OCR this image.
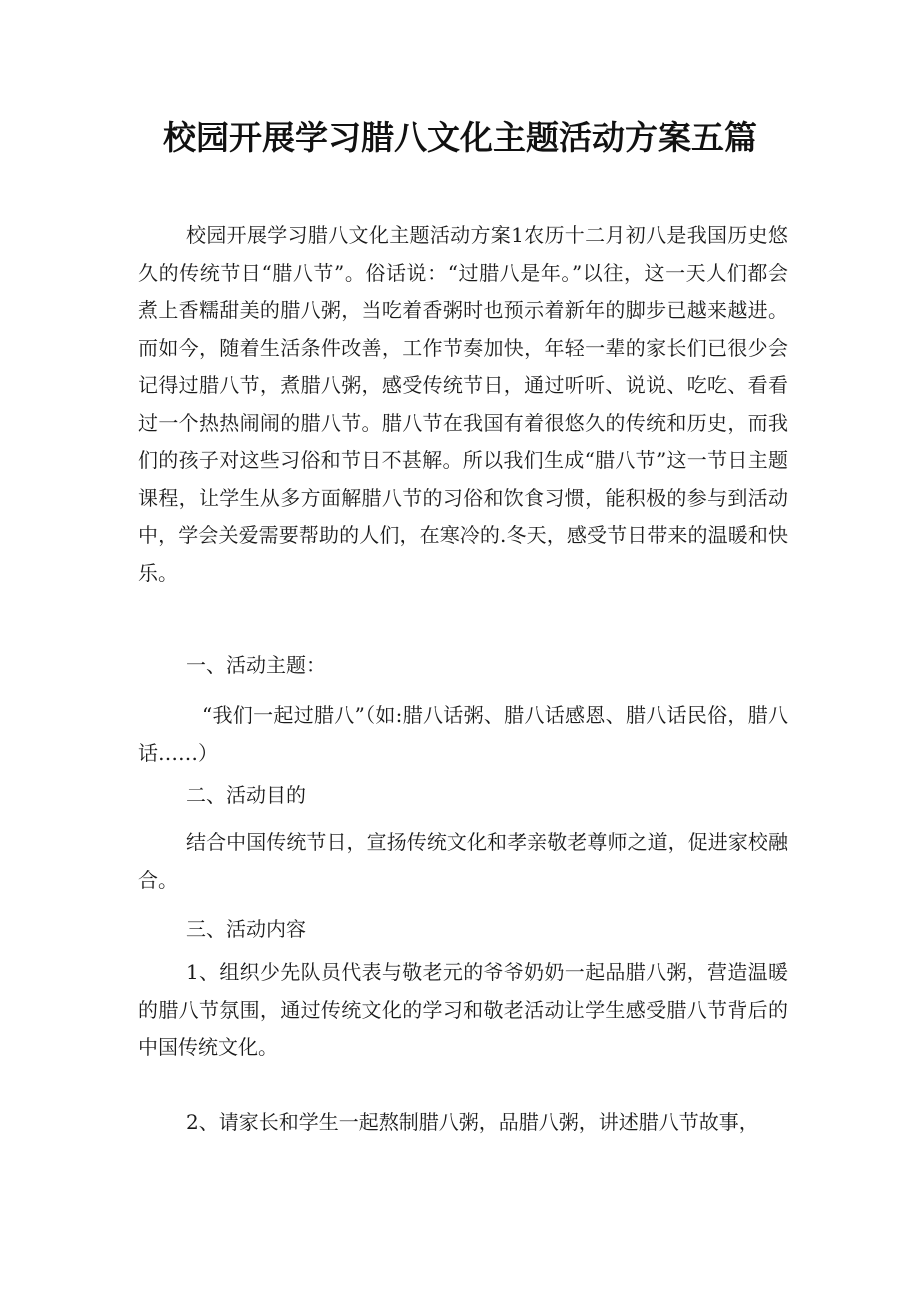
校园开展学习腊八文化主题活动方案五篇

校园开展学习腊八文化主题活动方案1农历十二月初八是我国历史悠久的传统节日“腊八节”。俗话说：“过腊八是年。”以往，这一天人们都会煮上香糯甜美的腊八粥，当吃着香粥时也预示着新年的脚步已越来越进。而如今，随着生活条件改善，工作节奏加快，年轻一辈的家长们已很少会记得过腊八节，煮腊八粥，感受传统节日，通过听听、说说、吃吃、看看过一个热热闹闹的腊八节。腊八节在我国有着很悠久的传统和历史，而我们的孩子对这些习俗和节日不甚解。所以我们生成“腊八节”这一节日主题课程，让学生从多方面解腊八节的习俗和饮食习惯，能积极的参与到活动中，学会关爱需要帮助的人们，在寒冷的.冬天，感受节日带来的温暖和快乐。

一、活动主题：

“我们一起过腊八”（如:腊八话粥、腊八话感恩、腊八话民俗，腊八话……）

二、活动目的

结合中国传统节日，宣扬传统文化和孝亲敬老尊师之道，促进家校融合。

三、活动内容

1、组织少先队员代表与敬老元的爷爷奶奶一起品腊八粥，营造温暖的腊八节氛围，通过传统文化的学习和敬老活动让学生感受腊八节背后的中国传统文化。

2、请家长和学生一起熬制腊八粥，品腊八粥，讲述腊八节故事，
